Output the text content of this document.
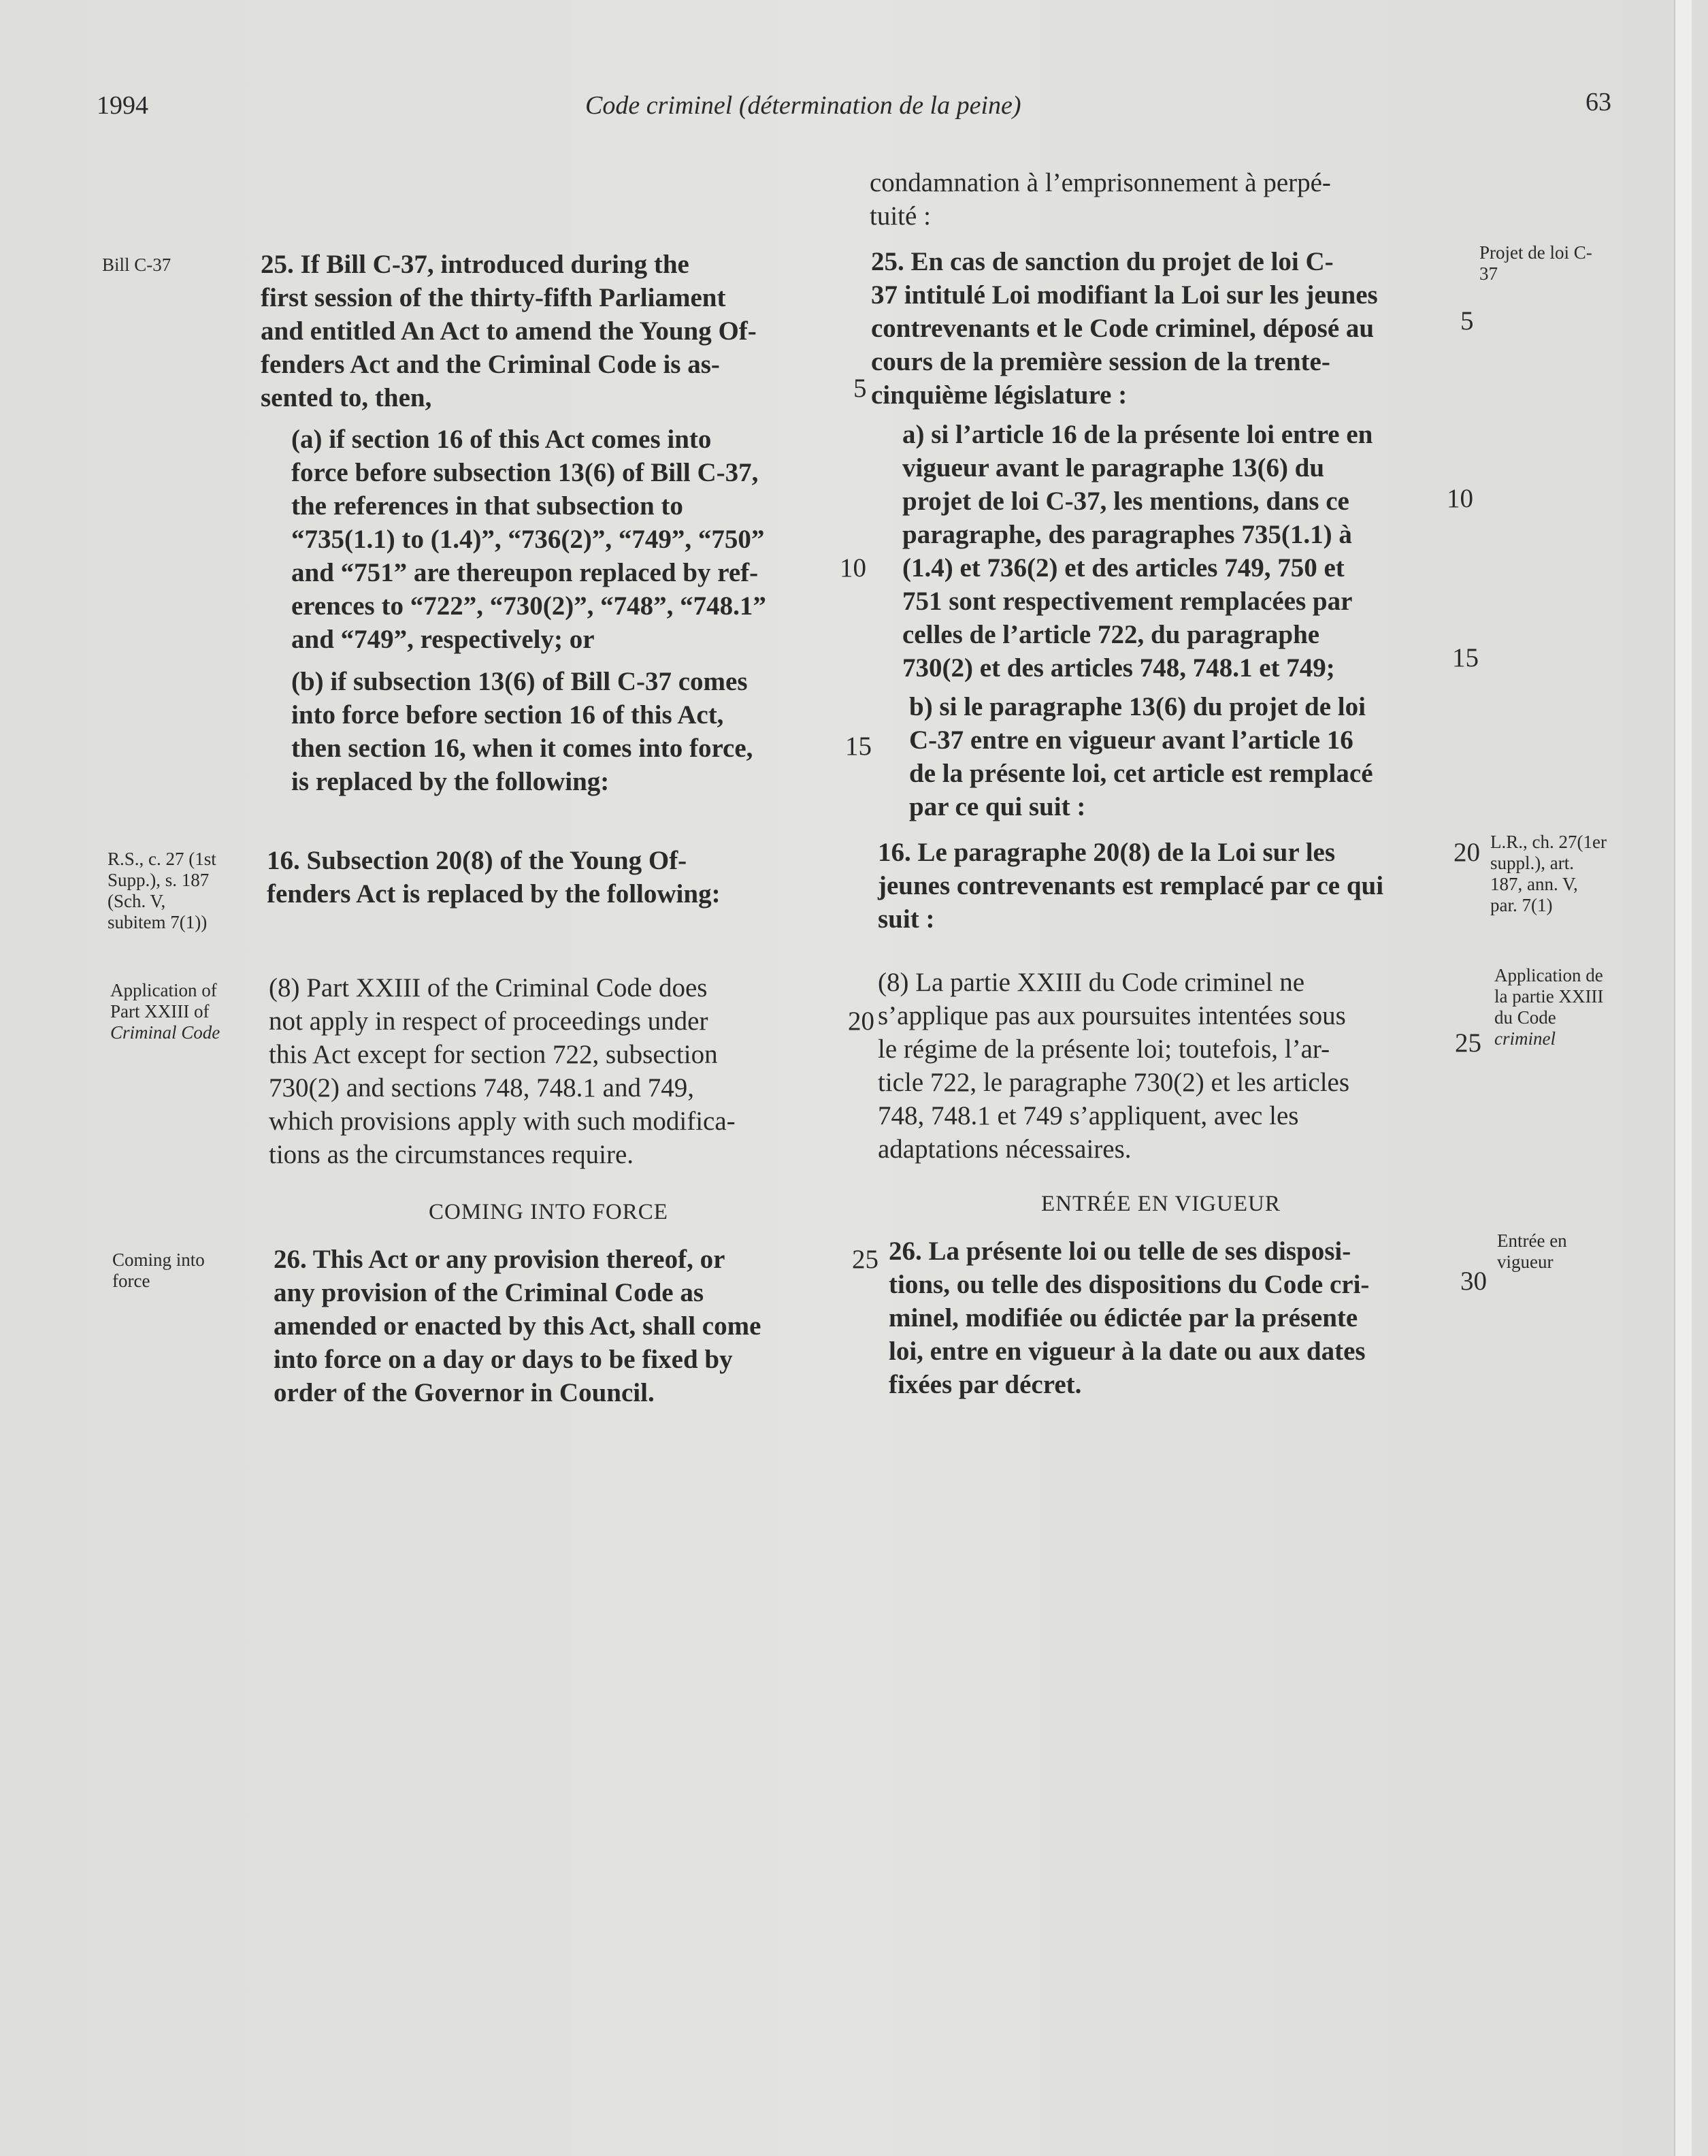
1994	Code criminel (détermination de la peine)	63
Bill C-37	25. If Bill C-37, introduced during the

first session of the thirty-fifth Parliament

and entitled An Act to amend the Young Of-

fenders Act and the Criminal Code is as-

sented to, then,

(a) if section 16 of this Act comes into

force before subsection 13(6) of Bill C-37,

the references in that subsection to

“735(1.1) to (1.4)”, “736(2)”, “749”, “750”

and “751” are thereupon replaced by ref-

erences to “722”, “730(2)”, “748”, “748.1”

and “749”, respectively; or

(b) if subsection 13(6) of Bill C-37 comes

into force before section 16 of this Act,

then section 16, when it comes into force,

is replaced by the following:

R.S., c. 27 (1st

Supp.), s. 187

(Sch. V,

subitem 7(1))

16. Subsection 20(8) of the Young Of-

fenders Act is replaced by the following:

Application of

Part XXIII of

Criminal Code

(8) Part XXIII of the Criminal Code does

not apply in respect of proceedings under

this Act except for section 722, subsection

730(2) and sections 748, 748.1 and 749,

which provisions apply with such modifica-

tions as the circumstances require.

COMING INTO FORCE

Coming into

force

26. This Act or any provision thereof, or

any provision of the Criminal Code as

amended or enacted by this Act, shall come

into force on a day or days to be fixed by

order of the Governor in Council.

5
10
15
20
25

condamnation à l’emprisonnement à perpé-

tuité :

Projet de loi C-

37

25. En cas de sanction du projet de loi C-

37 intitulé Loi modifiant la Loi sur les jeunes

contrevenants et le Code criminel, déposé au

cours de la première session de la trente-

cinquième législature :

a) si l’article 16 de la présente loi entre en

vigueur avant le paragraphe 13(6) du

projet de loi C-37, les mentions, dans ce

paragraphe, des paragraphes 735(1.1) à

(1.4) et 736(2) et des articles 749, 750 et

751 sont respectivement remplacées par

celles de l’article 722, du paragraphe

730(2) et des articles 748, 748.1 et 749;

b) si le paragraphe 13(6) du projet de loi

C-37 entre en vigueur avant l’article 16

de la présente loi, cet article est remplacé

par ce qui suit :

L.R., ch. 27(1er

suppl.), art.

187, ann. V,

par. 7(1)

16. Le paragraphe 20(8) de la Loi sur les

jeunes contrevenants est remplacé par ce qui

suit :

Application de

la partie XXIII

du Code

criminel

(8) La partie XXIII du Code criminel ne

s’applique pas aux poursuites intentées sous

le régime de la présente loi; toutefois, l’ar-

ticle 722, le paragraphe 730(2) et les articles

748, 748.1 et 749 s’appliquent, avec les

adaptations nécessaires.

ENTRÉE EN VIGUEUR

Entrée en

vigueur

26. La présente loi ou telle de ses disposi-

tions, ou telle des dispositions du Code cri-

minel, modifiée ou édictée par la présente

loi, entre en vigueur à la date ou aux dates

fixées par décret.

5
10
15
20
25
30
